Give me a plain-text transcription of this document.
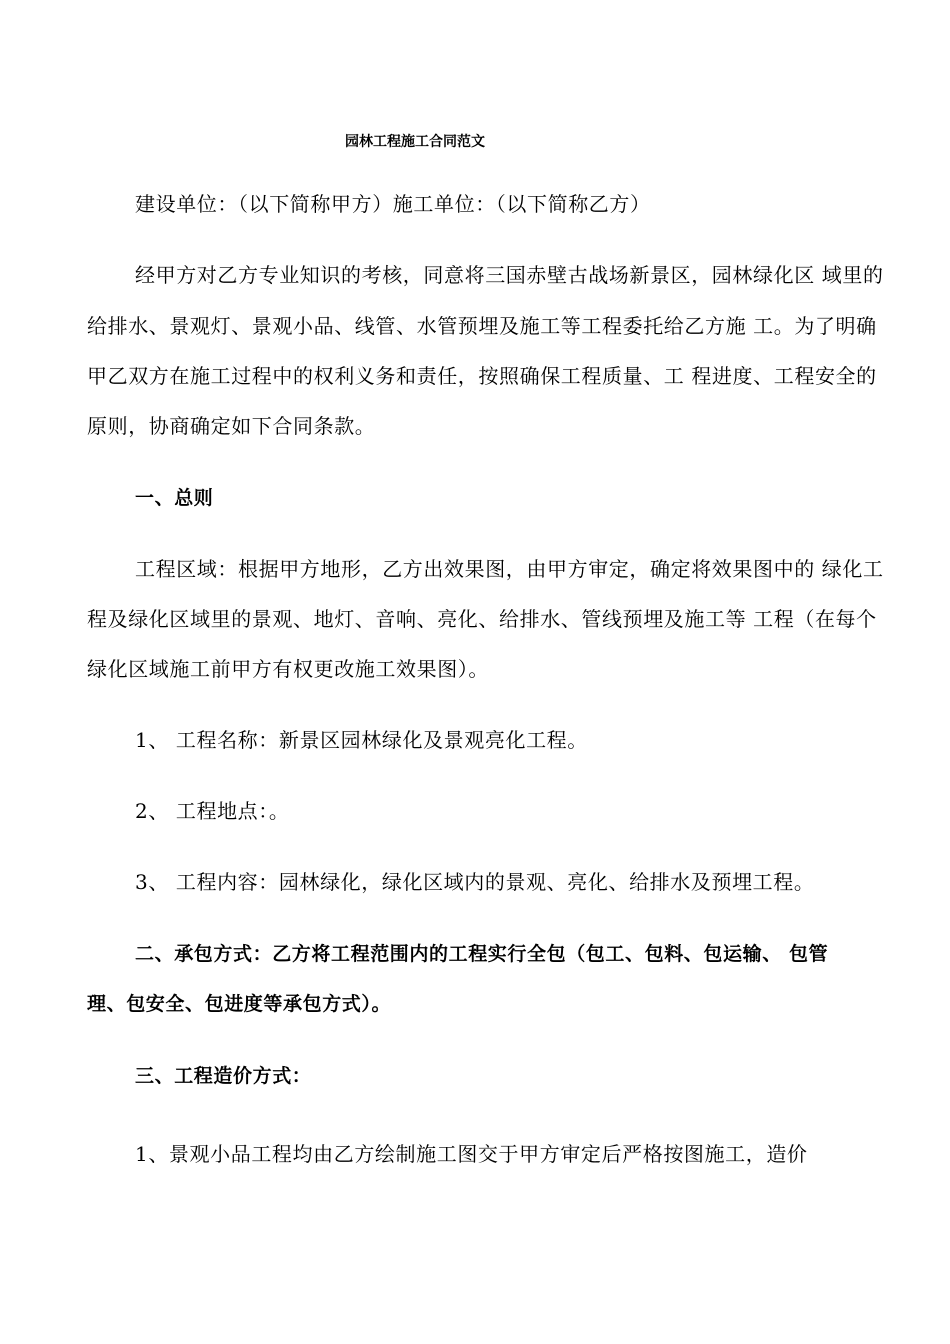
园林工程施工合同范文
建设单位：（以下简称甲方）施工单位：（以下简称乙方）
经甲方对乙方专业知识的考核，同意将三国赤壁古战场新景区，园林绿化区 域里的
给排水、景观灯、景观小品、线管、水管预埋及施工等工程委托给乙方施 工。为了明确
甲乙双方在施工过程中的权利义务和责任，按照确保工程质量、工 程进度、工程安全的
原则，协商确定如下合同条款。
一、总则
工程区域：根据甲方地形，乙方出效果图，由甲方审定，确定将效果图中的 绿化工
程及绿化区域里的景观、地灯、音响、亮化、给排水、管线预埋及施工等 工程（在每个
绿化区域施工前甲方有权更改施工效果图）。
1、 工程名称：新景区园林绿化及景观亮化工程。
2、 工程地点：。
3、 工程内容：园林绿化，绿化区域内的景观、亮化、给排水及预埋工程。
二、承包方式：乙方将工程范围内的工程实行全包（包工、包料、包运输、 包管
理、包安全、包进度等承包方式）。
三、工程造价方式：
1、景观小品工程均由乙方绘制施工图交于甲方审定后严格按图施工，造价
